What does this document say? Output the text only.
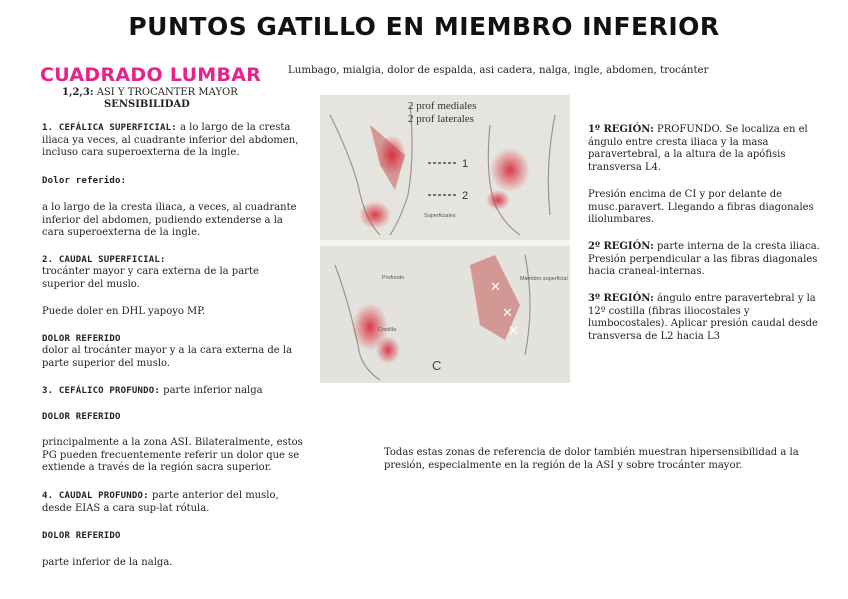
PUNTOS GATILLO EN MIEMBRO INFERIOR
CUADRADO LUMBAR
1,2,3: ASI Y TROCANTER MAYOR
SENSIBILIDAD
Lumbago, mialgia, dolor de espalda, asi cadera, nalga, ingle, abdomen, trocánter
1. CEFÁLICA SUPERFICIAL: a lo largo de la cresta iliaca ya veces, al cuadrante inferior del abdomen, incluso cara superoexterna de la ingle.
Dolor referido:
a lo largo de la cresta iliaca, a veces, al cuadrante inferior del abdomen, pudiendo extenderse a la cara superoexterna de la ingle.
2. CAUDAL SUPERFICIAL:
trocánter mayor y cara externa de la parte superior del muslo.
Puede doler en DHL yapoyo MP.
DOLOR REFERIDO
dolor al trocánter mayor y a la cara externa de la parte superior del muslo.
3. CEFÁLICO PROFUNDO: parte inferior nalga
DOLOR REFERIDO
principalmente a la zona ASI. Bilateralmente, estos PG pueden frecuentemente referir un dolor que se extiende a través de la región sacra superior.
4. CAUDAL PROFUNDO: parte anterior del muslo, desde EIAS a cara sup-lat rótula.
DOLOR REFERIDO
parte inferior de la nalga.
2 prof mediales
2 prof laterales
1
2
Superficiales
✕
✕
✕
Profundo
Costilla
Miembro superficial
C
1º REGIÓN: PROFUNDO. Se localiza en el ángulo entre cresta iliaca y la masa paravertebral, a la altura de la apófisis transversa L4.
Presión encima de CI y por delante de musc.paravert. Llegando a fibras diagonales iliolumbares.
2º REGIÓN: parte interna de la cresta iliaca. Presión perpendicular a las fibras diagonales hacia craneal-internas.
3º REGIÓN: ángulo entre paravertebral y la 12º costilla (fibras iliocostales y lumbocostales). Aplicar presión caudal desde transversa de L2 hacia L3
Todas estas zonas de referencia de dolor también muestran hipersensibilidad a la presión, especialmente en la región de la ASI y sobre trocánter mayor.
